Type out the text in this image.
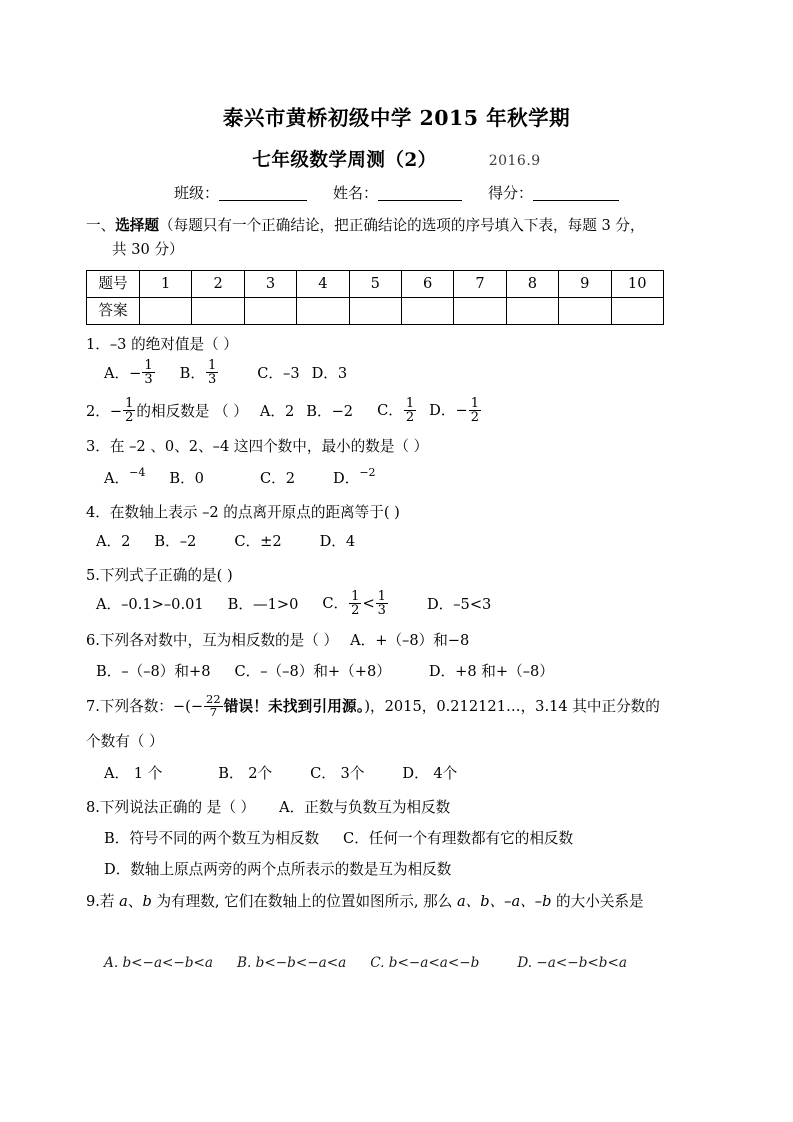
泰兴市黄桥初级中学 2015 年秋学期
七年级数学周测（2）	2016.9
班级：	姓名：	得分：
一、选择题（每题只有一个正确结论，把正确结论的选项的序号填入下表，每题 3 分，
共 30 分）
题号	1	2	3	4	5	6	7	8	9	10
答案										
1．–3 的绝对值是（ ）
A．− $\frac{1}{3}$ B． $\frac{1}{3}$	C．–3 D．3
2．− $\frac{1}{2}$ 的相反数是 （ ） A．2 B．−2 C． $\frac{1}{2}$ D．− $\frac{1}{2}$
3．在 –2 、0、2、–4 这四个数中，最小的数是（ ）
A．$^{-4}$ B．0	C．2	D．$^{-2}$
4．在数轴上表示 –2 的点离开原点的距离等于( )
A．2 B．–2	C．±2	D．4
5.下列式子正确的是( )
A．–0.1>–0.01 B．—1>0 C． $\frac{1}{2} < \frac{1}{3}$	D．–5<3
6.下列各对数中，互为相反数的是（ ） A．+（–8）和−8
B．–（–8）和+8 C．–（–8）和+（+8）	D．+8 和+（–8）
7.下列各数：−(− $\frac{22}{7}$ 错误！未找到引用源。)，2015，0.212121…，3.14 其中正分数的
个数有（ ）
A． 1 个	B． 2个	C． 3个	D． 4个
8.下列说法正确的 是（ ） A．正数与负数互为相反数
B．符号不同的两个数互为相反数 C．任何一个有理数都有它的相反数
D．数轴上原点两旁的两个点所表示的数是互为相反数
9.若 a、b 为有理数, 它们在数轴上的位置如图所示, 那么 a、b、–a、–b 的大小关系是
A. b<−a<−b<a B. b<−b<−a<a C. b<−a<a<−b	D. −a<−b<b<a
